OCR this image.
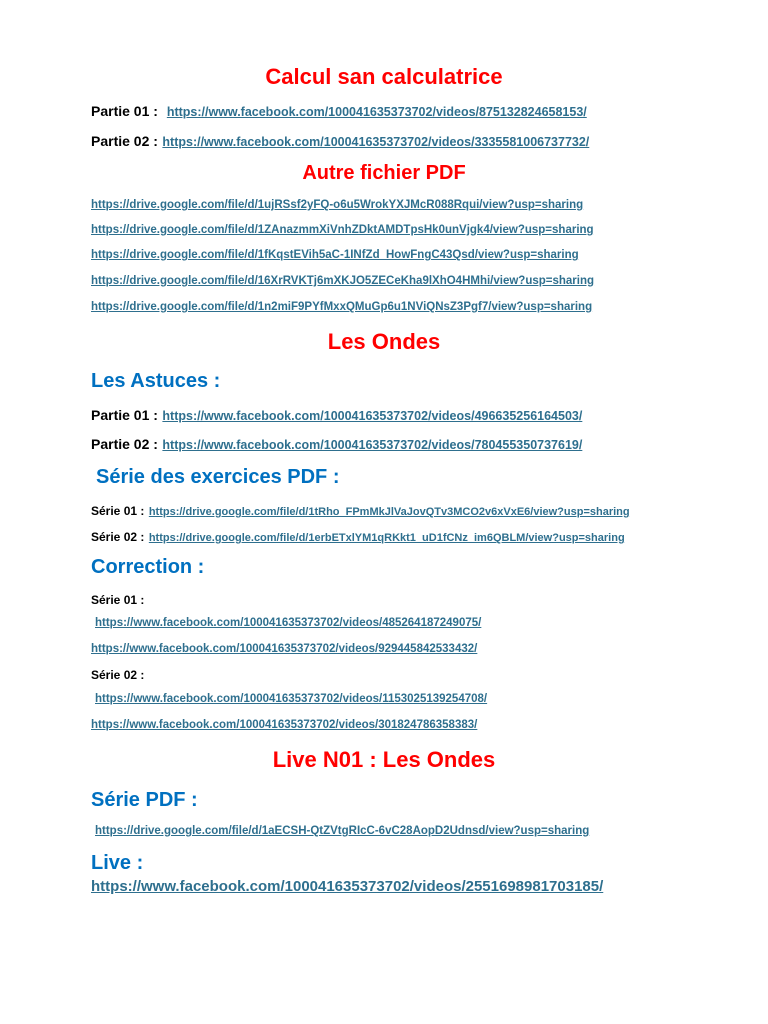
Calcul san calculatrice
Partie 01 : https://www.facebook.com/100041635373702/videos/875132824658153/
Partie 02 : https://www.facebook.com/100041635373702/videos/3335581006737732/
Autre fichier PDF
https://drive.google.com/file/d/1ujRSsf2yFQ-o6u5WrokYXJMcR088Rqui/view?usp=sharing
https://drive.google.com/file/d/1ZAnazmmXiVnhZDktAMDTpsHk0unVjgk4/view?usp=sharing
https://drive.google.com/file/d/1fKqstEVih5aC-1INfZd_HowFngC43Qsd/view?usp=sharing
https://drive.google.com/file/d/16XrRVKTj6mXKJO5ZECeKha9lXhO4HMhi/view?usp=sharing
https://drive.google.com/file/d/1n2miF9PYfMxxQMuGp6u1NViQNsZ3Pgf7/view?usp=sharing
Les Ondes
Les Astuces :
Partie 01 : https://www.facebook.com/100041635373702/videos/496635256164503/
Partie 02 : https://www.facebook.com/100041635373702/videos/780455350737619/
Série des exercices PDF :
Série 01 : https://drive.google.com/file/d/1tRho_FPmMkJlVaJovQTv3MCO2v6xVxE6/view?usp=sharing
Série 02 : https://drive.google.com/file/d/1erbETxlYM1qRKkt1_uD1fCNz_im6QBLM/view?usp=sharing
Correction :
Série 01 :
https://www.facebook.com/100041635373702/videos/485264187249075/
https://www.facebook.com/100041635373702/videos/929445842533432/
Série 02 :
https://www.facebook.com/100041635373702/videos/1153025139254708/
https://www.facebook.com/100041635373702/videos/301824786358383/
Live N01 : Les Ondes
Série PDF :
https://drive.google.com/file/d/1aECSH-QtZVtgRIcC-6vC28AopD2Udnsd/view?usp=sharing
Live :
https://www.facebook.com/100041635373702/videos/2551698981703185/
